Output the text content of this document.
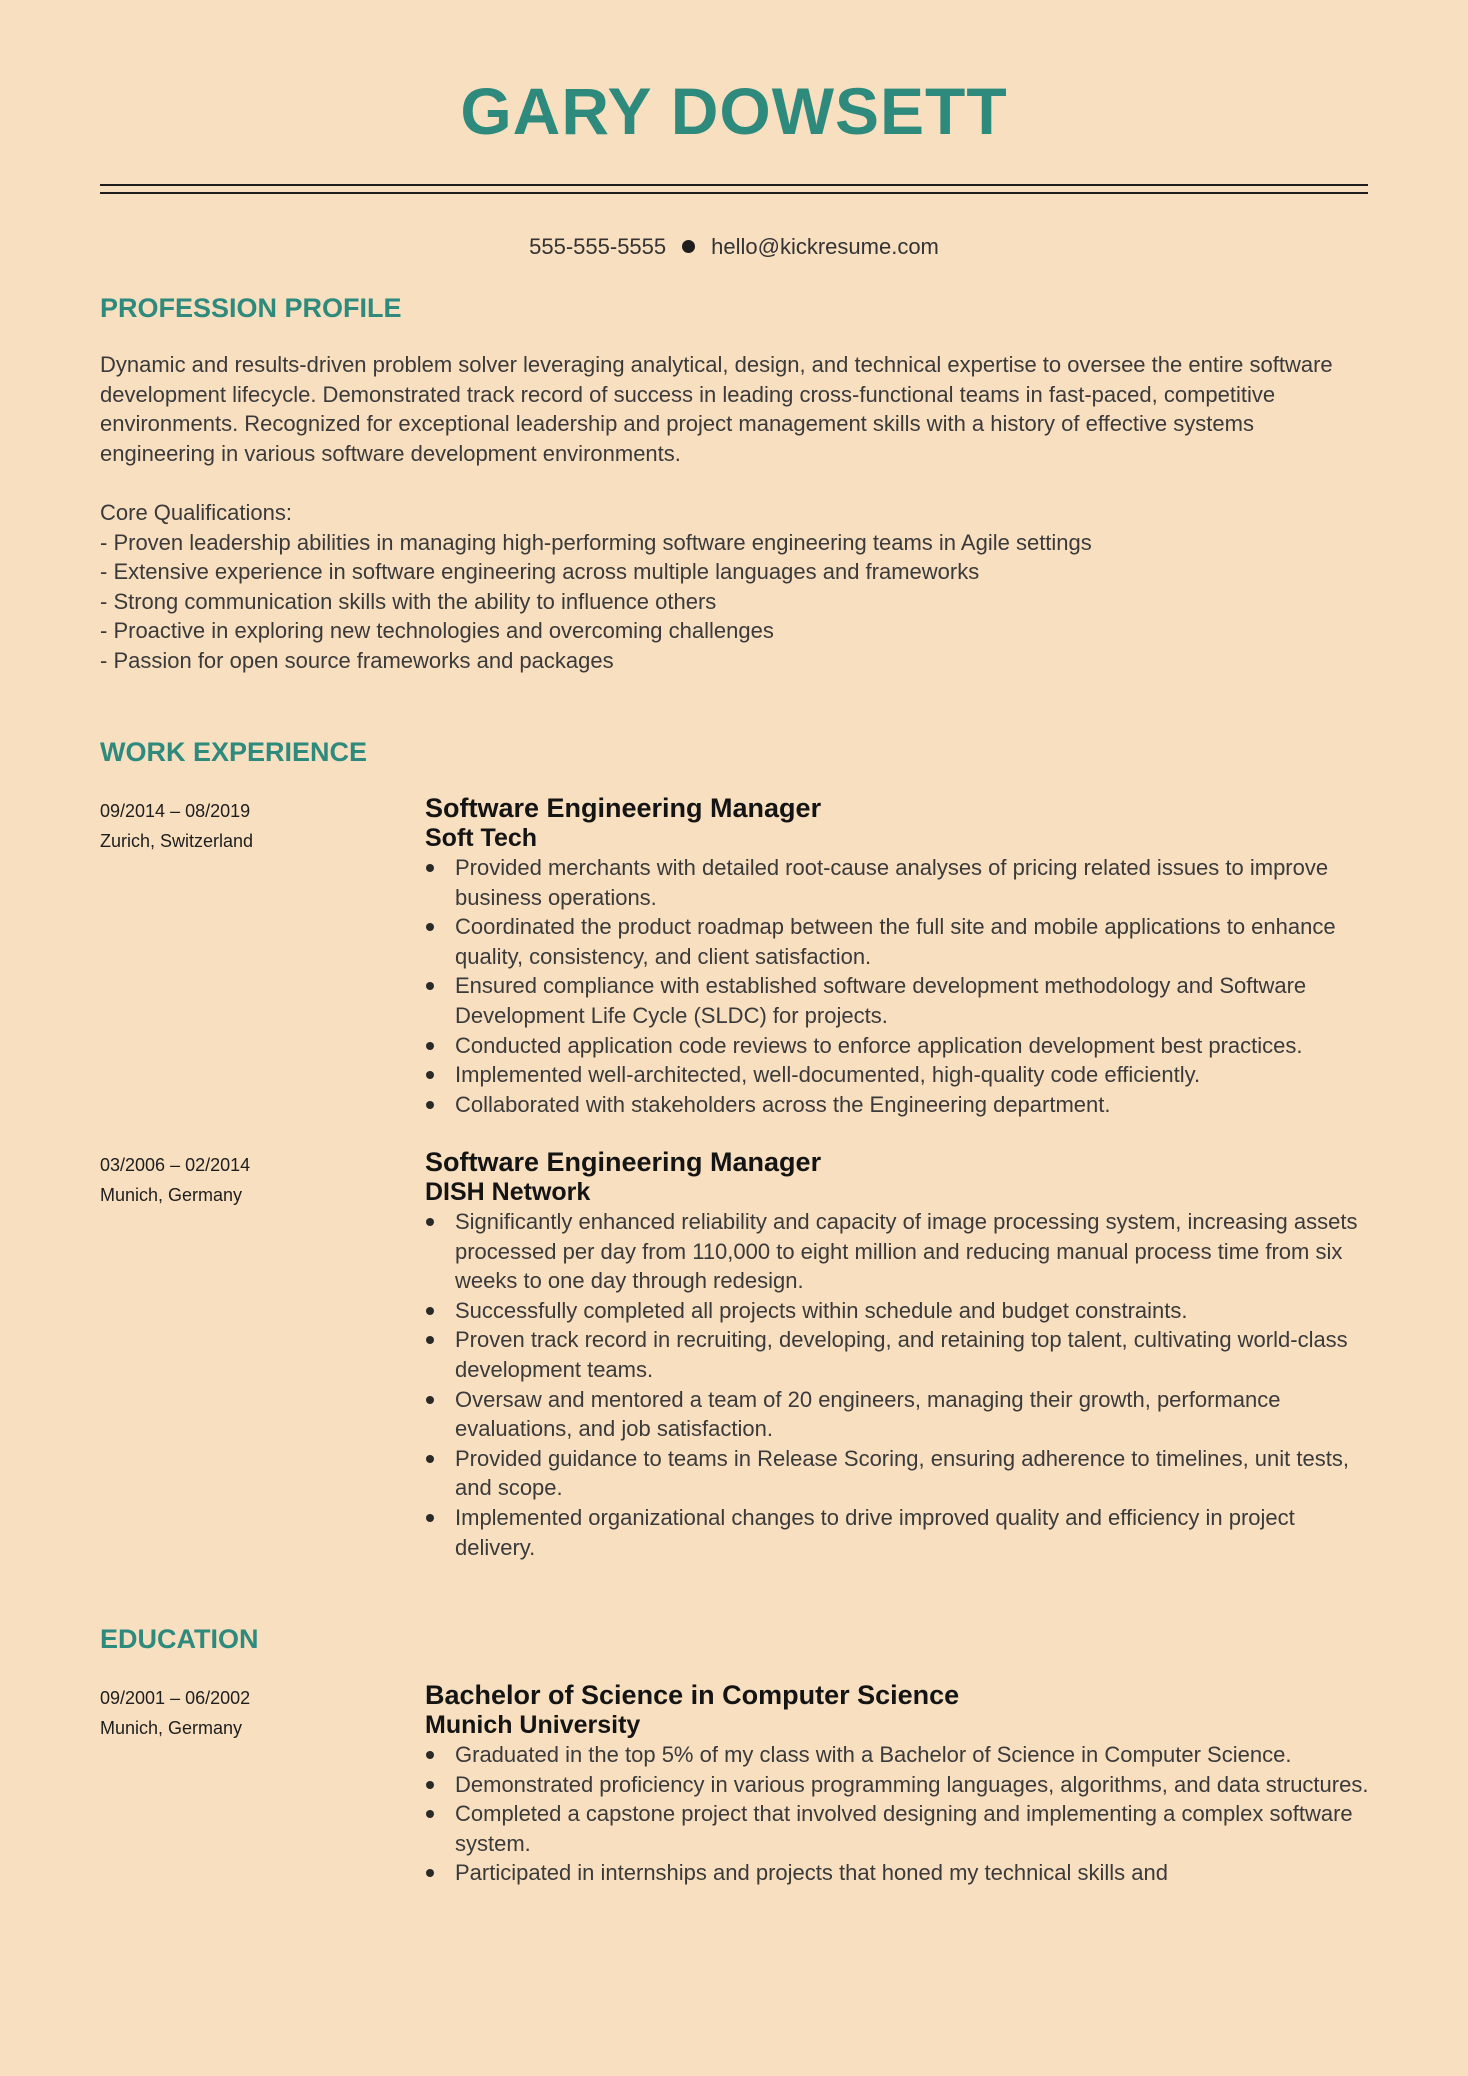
GARY DOWSETT
555-555-5555 hello@kickresume.com
PROFESSION PROFILE

Dynamic and results-driven problem solver leveraging analytical, design, and technical expertise to oversee the entire software development lifecycle. Demonstrated track record of success in leading cross-functional teams in fast-paced, competitive environments. Recognized for exceptional leadership and project management skills with a history of effective systems engineering in various software development environments.

Core Qualifications:

- Proven leadership abilities in managing high-performing software engineering teams in Agile settings

- Extensive experience in software engineering across multiple languages and frameworks

- Strong communication skills with the ability to influence others

- Proactive in exploring new technologies and overcoming challenges

- Passion for open source frameworks and packages

WORK EXPERIENCE
09/2014 – 08/2019
Zurich, Switzerland
Software Engineering Manager
Soft Tech
Provided merchants with detailed root-cause analyses of pricing related issues to improve business operations.
Coordinated the product roadmap between the full site and mobile applications to enhance quality, consistency, and client satisfaction.
Ensured compliance with established software development methodology and Software Development Life Cycle (SLDC) for projects.
Conducted application code reviews to enforce application development best practices.
Implemented well-architected, well-documented, high-quality code efficiently.
Collaborated with stakeholders across the Engineering department.
03/2006 – 02/2014
Munich, Germany
Software Engineering Manager
DISH Network
Significantly enhanced reliability and capacity of image processing system, increasing assets processed per day from 110,000 to eight million and reducing manual process time from six weeks to one day through redesign.
Successfully completed all projects within schedule and budget constraints.
Proven track record in recruiting, developing, and retaining top talent, cultivating world-class development teams.
Oversaw and mentored a team of 20 engineers, managing their growth, performance evaluations, and job satisfaction.
Provided guidance to teams in Release Scoring, ensuring adherence to timelines, unit tests, and scope.
Implemented organizational changes to drive improved quality and efficiency in project delivery.
EDUCATION
09/2001 – 06/2002
Munich, Germany
Bachelor of Science in Computer Science
Munich University
Graduated in the top 5% of my class with a Bachelor of Science in Computer Science.
Demonstrated proficiency in various programming languages, algorithms, and data structures.
Completed a capstone project that involved designing and implementing a complex software system.
Participated in internships and projects that honed my technical skills and
